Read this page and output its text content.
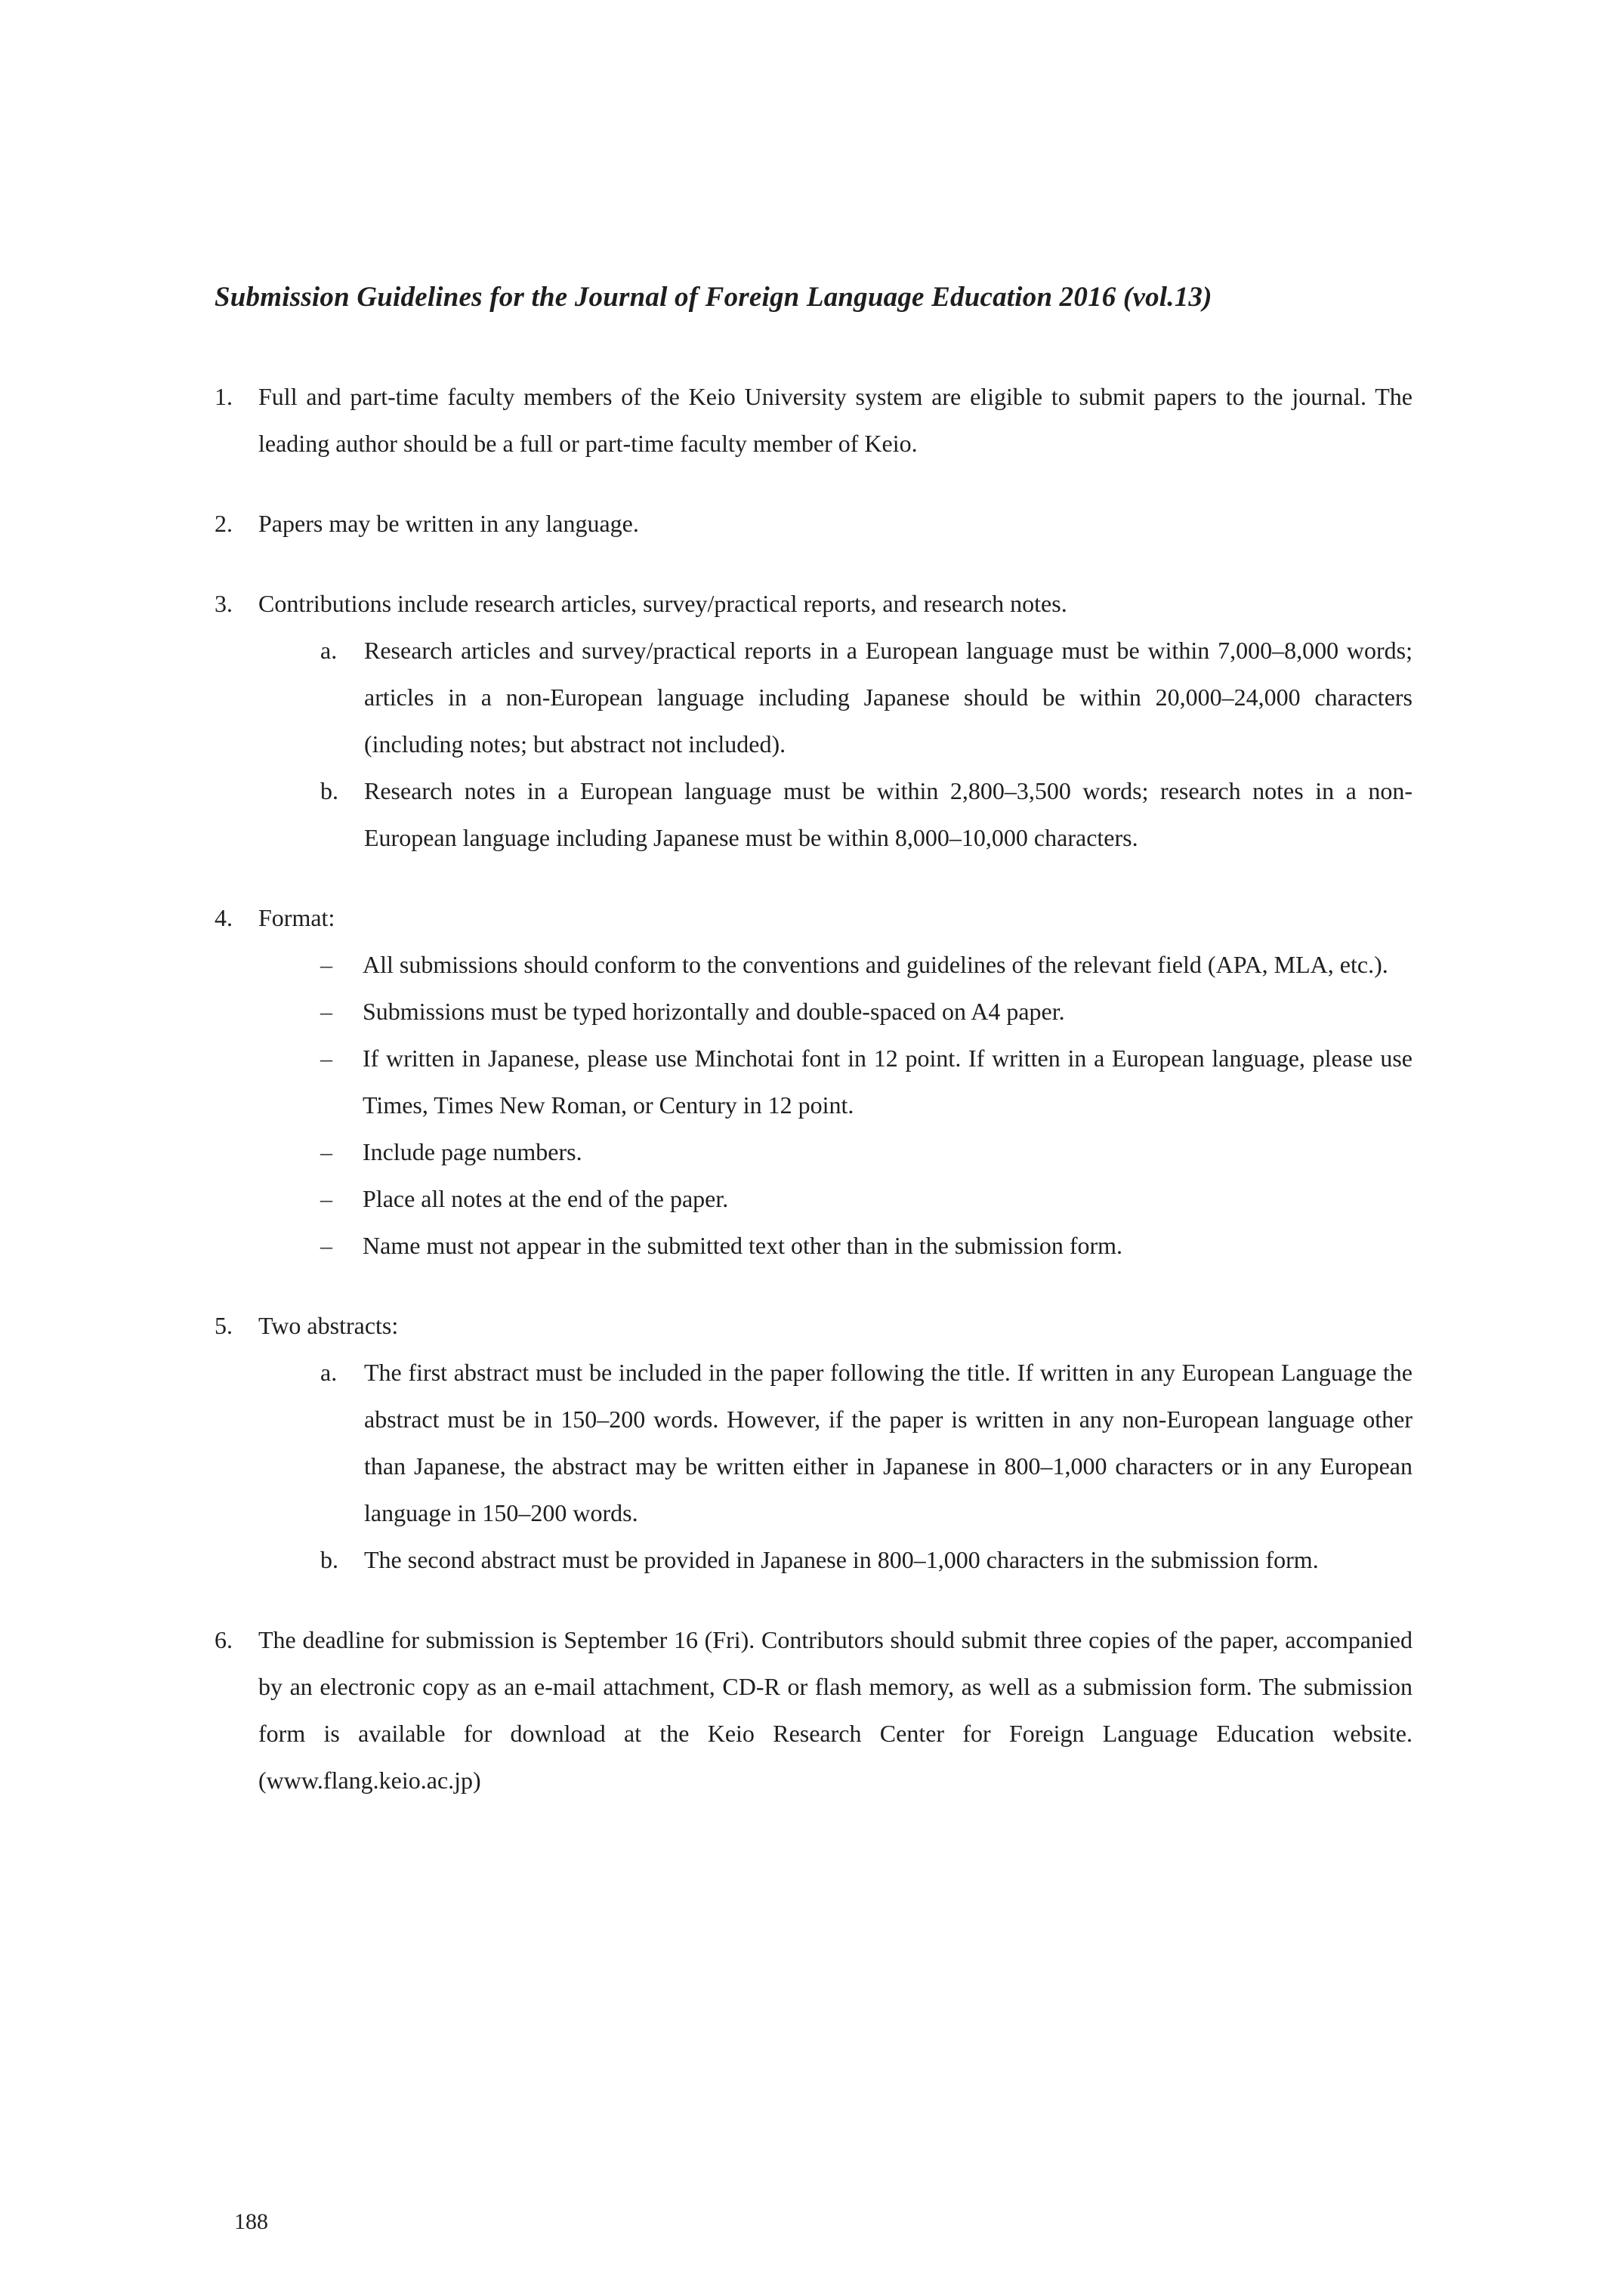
Submission Guidelines for the Journal of Foreign Language Education 2016 (vol.13)
1.	Full and part-time faculty members of the Keio University system are eligible to submit papers to the journal. The leading author should be a full or part-time faculty member of Keio.
2.	Papers may be written in any language.
3.	Contributions include research articles, survey/practical reports, and research notes.
a.	Research articles and survey/practical reports in a European language must be within 7,000–8,000 words; articles in a non-European language including Japanese should be within 20,000–24,000 characters (including notes; but abstract not included).
b.	Research notes in a European language must be within 2,800–3,500 words; research notes in a non-European language including Japanese must be within 8,000–10,000 characters.
4.	Format:
–	All submissions should conform to the conventions and guidelines of the relevant field (APA, MLA, etc.).
–	Submissions must be typed horizontally and double-spaced on A4 paper.
–	If written in Japanese, please use Minchotai font in 12 point. If written in a European language, please use Times, Times New Roman, or Century in 12 point.
–	Include page numbers.
–	Place all notes at the end of the paper.
–	Name must not appear in the submitted text other than in the submission form.
5.	Two abstracts:
a.	The first abstract must be included in the paper following the title. If written in any European Language the abstract must be in 150–200 words. However, if the paper is written in any non-European language other than Japanese, the abstract may be written either in Japanese in 800–1,000 characters or in any European language in 150–200 words.
b.	The second abstract must be provided in Japanese in 800–1,000 characters in the submission form.
6.	The deadline for submission is September 16 (Fri). Contributors should submit three copies of the paper, accompanied by an electronic copy as an e-mail attachment, CD-R or flash memory, as well as a submission form. The submission form is available for download at the Keio Research Center for Foreign Language Education website. (www.flang.keio.ac.jp)
188
